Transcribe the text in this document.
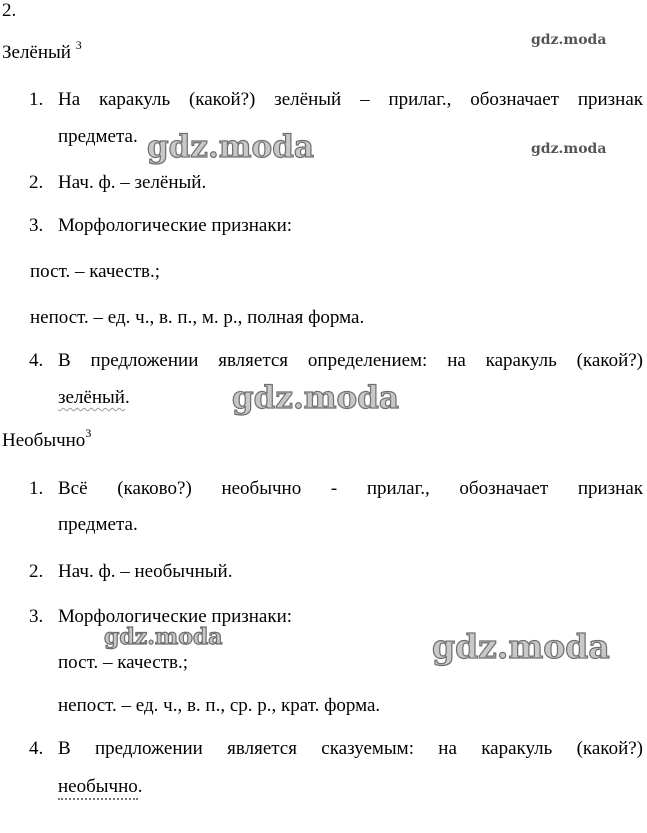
2.
Зелёный $^3$
1. На каракуль (какой?) зелёный – прилаг., обозначает признак
предмета.
2. Нач. ф. – зелёный.
3. Морфологические признаки:
пост. – качеств.;
непост. – ед. ч., в. п., м. р., полная форма.
4. В предложении является определением: на каракуль (какой?)
зелёный.
Необычно$^3$
1. Всё (каково?) необычно - прилаг., обозначает признак
предмета.
2. Нач. ф. – необычный.
3. Морфологические признаки:
пост. – качеств.;
непост. – ед. ч., в. п., ср. р., крат. форма.
4. В предложении является сказуемым: на каракуль (какой?)
необычно.
gdz.moda
gdz.moda
gdz.moda
gdz.moda
gdz.moda	gdz.moda
